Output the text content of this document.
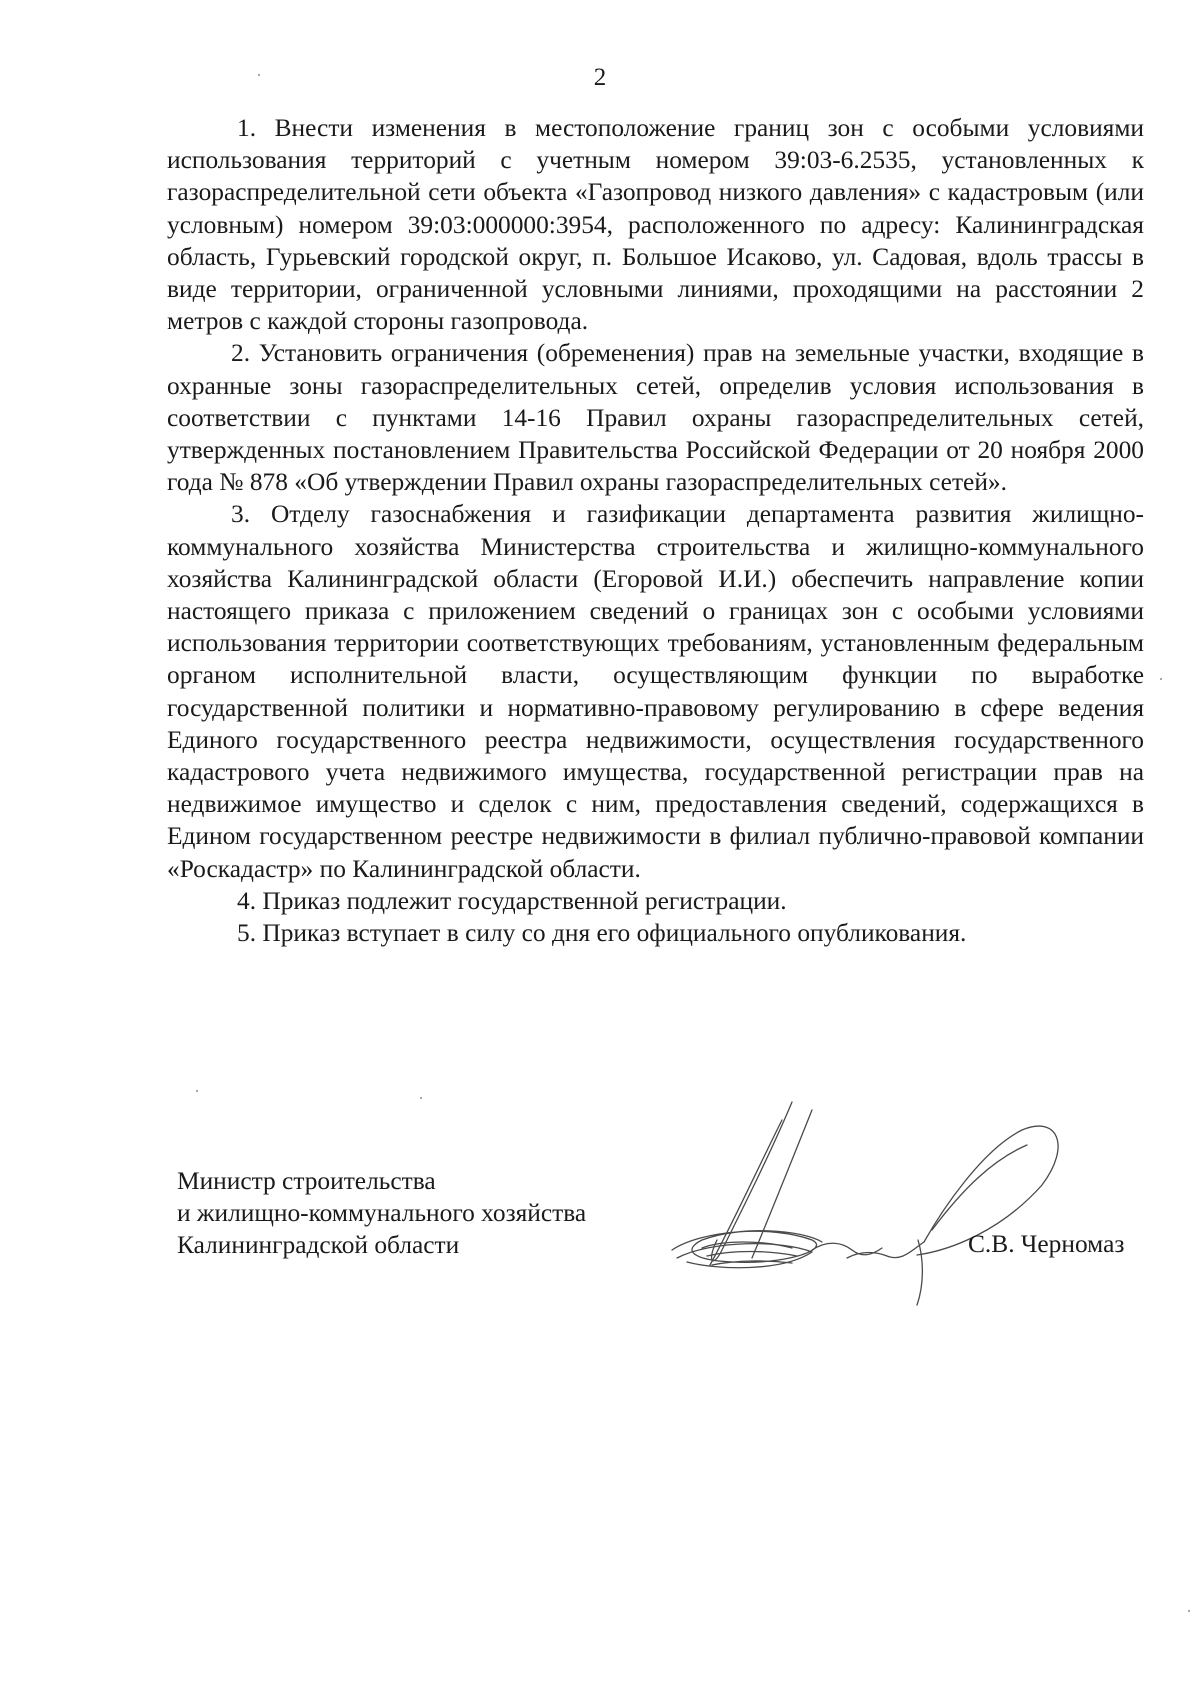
2

1. Внести изменения в местоположение границ зон с особыми условиями использования территорий с учетным номером 39:03-6.2535, установленных к газораспределительной сети объекта «Газопровод низкого давления» с кадастровым (или условным) номером 39:03:000000:3954, расположенного по адресу: Калининградская область, Гурьевский городской округ, п. Большое Исаково, ул. Садовая, вдоль трассы в виде территории, ограниченной условными линиями, проходящими на расстоянии 2 метров с каждой стороны газопровода.

2. Установить ограничения (обременения) прав на земельные участки, входящие в охранные зоны газораспределительных сетей, определив условия использования в соответствии с пунктами 14-16 Правил охраны газораспределительных сетей, утвержденных постановлением Правительства Российской Федерации от 20 ноября 2000 года № 878 «Об утверждении Правил охраны газораспределительных сетей».

3. Отделу газоснабжения и газификации департамента развития жилищно-коммунального хозяйства Министерства строительства и жилищно-коммунального хозяйства Калининградской области (Егоровой И.И.) обеспечить направление копии настоящего приказа с приложением сведений о границах зон с особыми условиями использования территории соответствующих требованиям, установленным федеральным органом исполнительной власти, осуществляющим функции по выработке государственной политики и нормативно-правовому регулированию в сфере ведения Единого государственного реестра недвижимости, осуществления государственного кадастрового учета недвижимого имущества, государственной регистрации прав на недвижимое имущество и сделок с ним, предоставления сведений, содержащихся в Едином государственном реестре недвижимости в филиал публично-правовой компании «Роскадастр» по Калининградской области.

4. Приказ подлежит государственной регистрации.

5. Приказ вступает в силу со дня его официального опубликования.

Министр строительства
и жилищно-коммунального хозяйства
Калининградской области	С.В. Черномаз
